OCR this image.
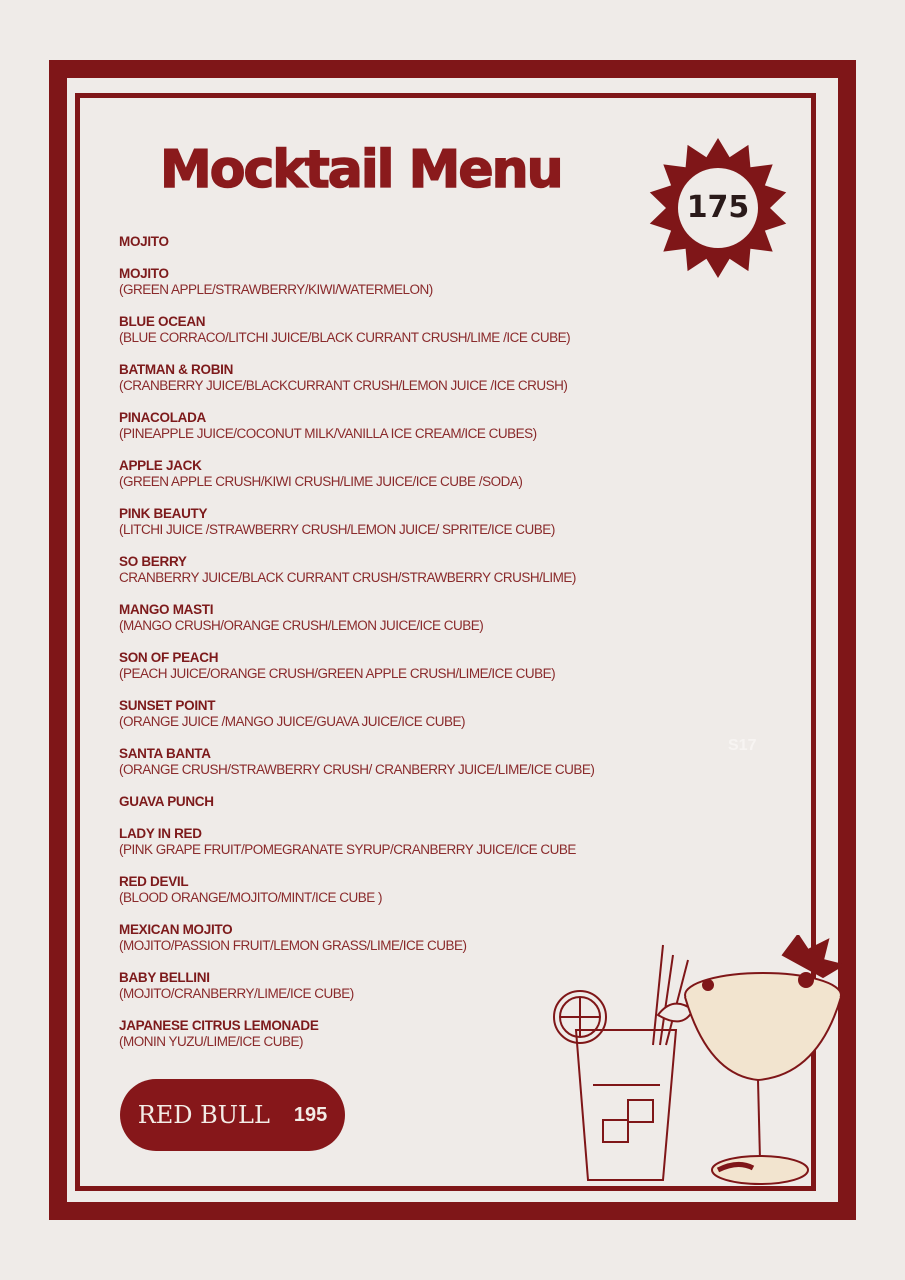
Mocktail Menu
175
S17
MOJITO
MOJITO
(GREEN APPLE/STRAWBERRY/KIWI/WATERMELON)
BLUE OCEAN
(BLUE CORRACO/LITCHI JUICE/BLACK CURRANT CRUSH/LIME /ICE CUBE)
BATMAN & ROBIN
(CRANBERRY JUICE/BLACKCURRANT CRUSH/LEMON JUICE /ICE CRUSH)
PINACOLADA
(PINEAPPLE JUICE/COCONUT MILK/VANILLA ICE CREAM/ICE CUBES)
APPLE JACK
(GREEN APPLE CRUSH/KIWI CRUSH/LIME JUICE/ICE CUBE /SODA)
PINK BEAUTY
(LITCHI JUICE /STRAWBERRY CRUSH/LEMON JUICE/ SPRITE/ICE CUBE)
SO BERRY
CRANBERRY JUICE/BLACK CURRANT CRUSH/STRAWBERRY CRUSH/LIME)
MANGO MASTI
(MANGO CRUSH/ORANGE CRUSH/LEMON JUICE/ICE CUBE)
SON OF PEACH
(PEACH JUICE/ORANGE CRUSH/GREEN APPLE CRUSH/LIME/ICE CUBE)
SUNSET POINT
(ORANGE JUICE /MANGO JUICE/GUAVA JUICE/ICE CUBE)
SANTA BANTA
(ORANGE CRUSH/STRAWBERRY CRUSH/ CRANBERRY JUICE/LIME/ICE CUBE)
GUAVA PUNCH
LADY IN RED
(PINK GRAPE FRUIT/POMEGRANATE SYRUP/CRANBERRY JUICE/ICE CUBE
RED DEVIL
(BLOOD ORANGE/MOJITO/MINT/ICE CUBE )
MEXICAN MOJITO
(MOJITO/PASSION FRUIT/LEMON GRASS/LIME/ICE CUBE)
BABY BELLINI
(MOJITO/CRANBERRY/LIME/ICE CUBE)
JAPANESE CITRUS LEMONADE
(MONIN YUZU/LIME/ICE CUBE)
RED BULL 195
